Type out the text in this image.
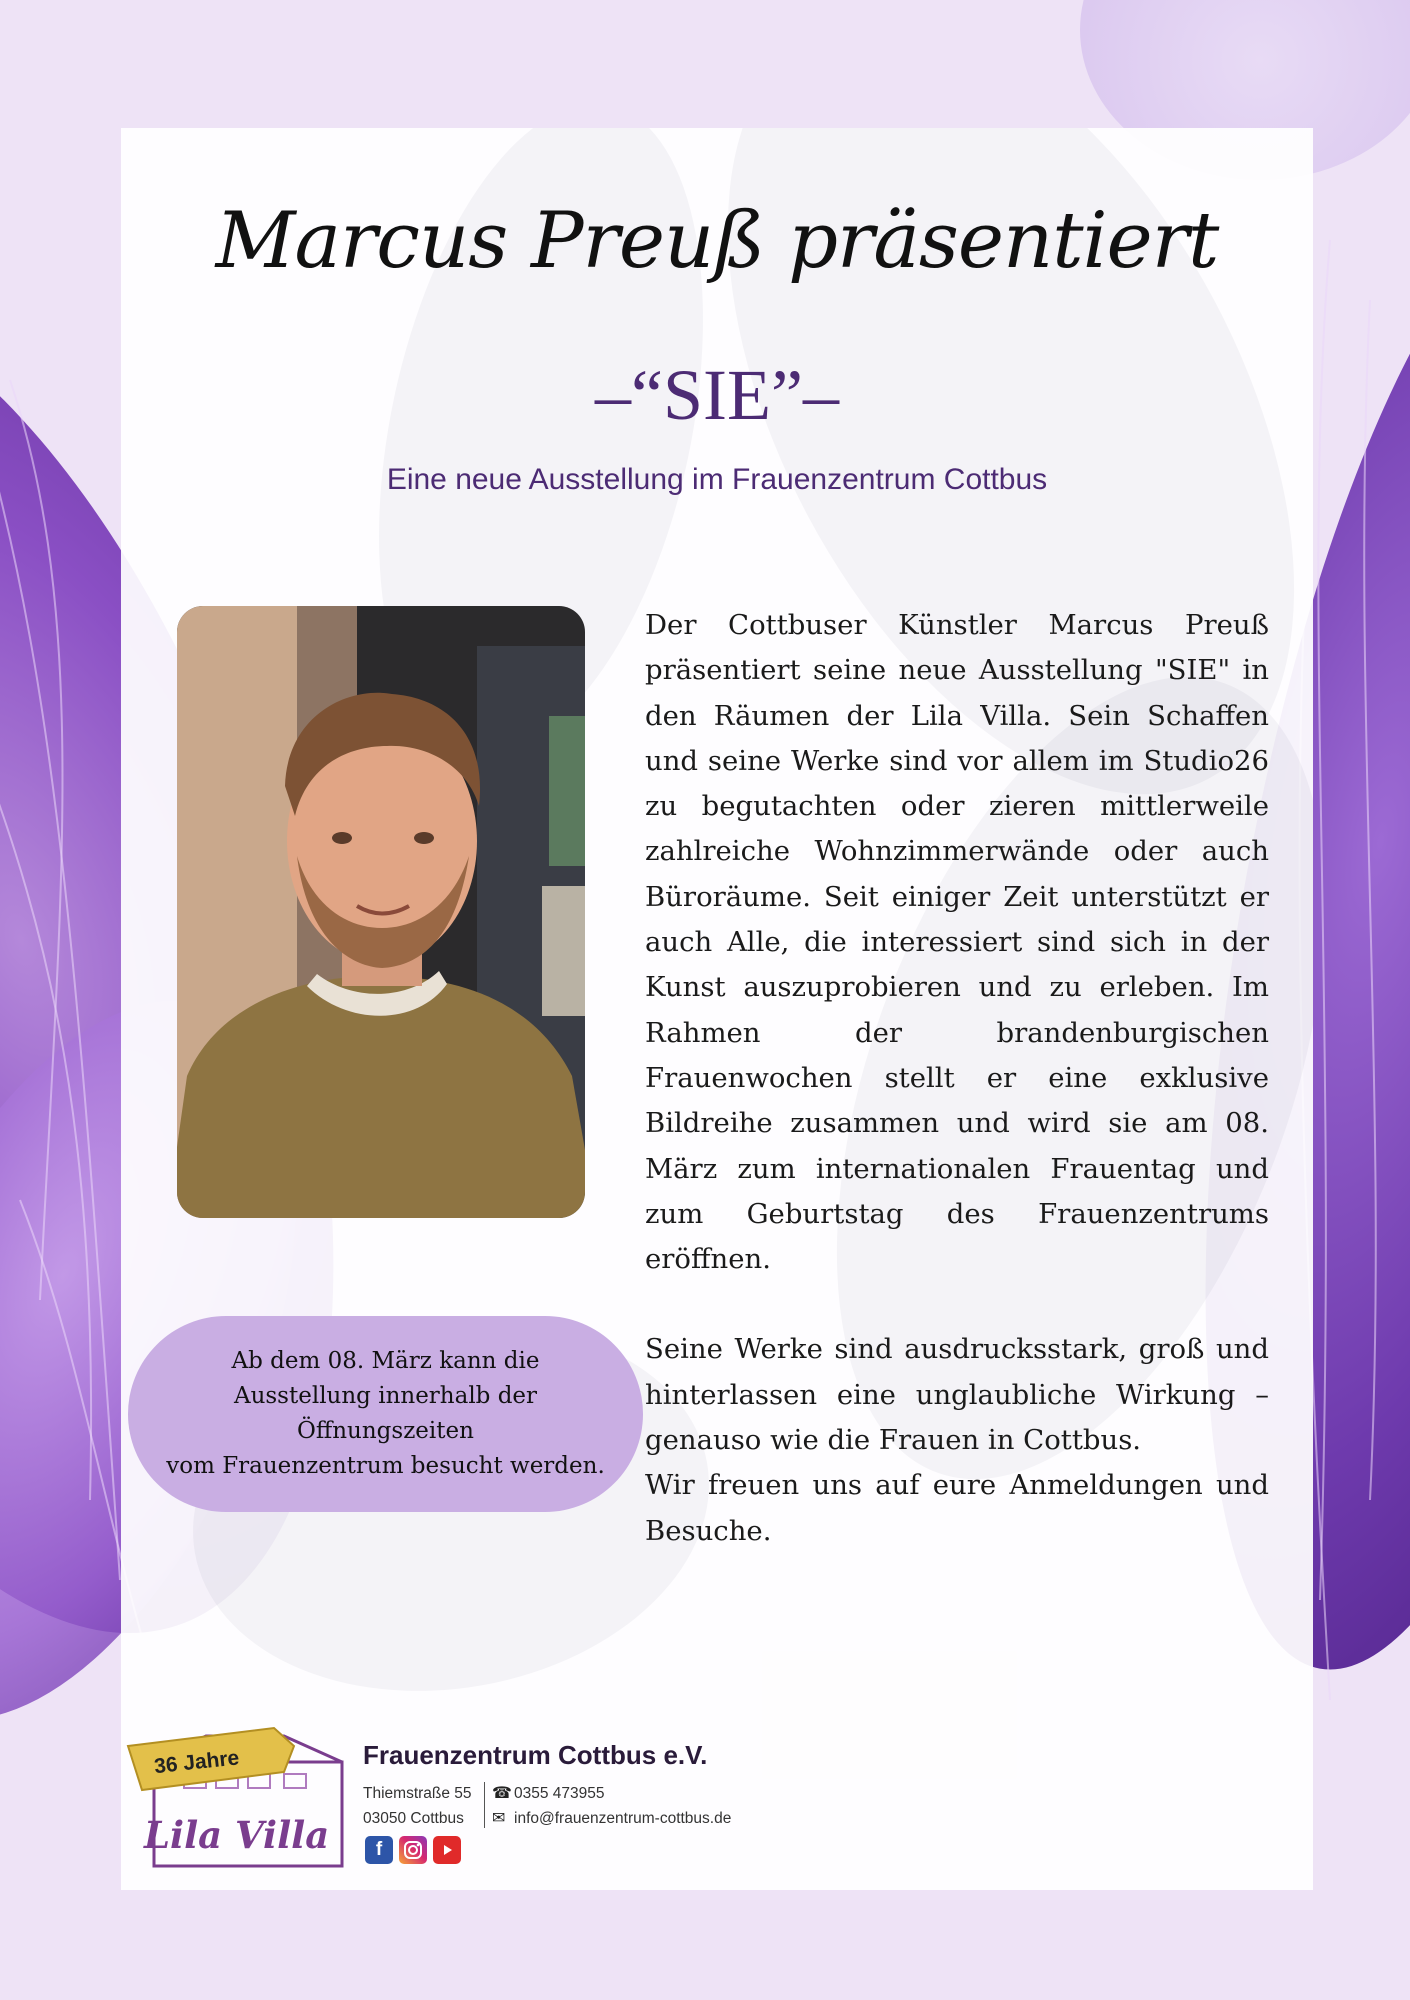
Marcus Preuß präsentiert
–“SIE”–
Eine neue Ausstellung im Frauenzentrum Cottbus

Der Cottbuser Künstler Marcus Preuß präsentiert seine neue Ausstellung "SIE" in den Räumen der Lila Villa. Sein Schaffen und seine Werke sind vor allem im Studio26 zu begutachten oder zieren mittlerweile zahlreiche Wohnzimmerwände oder auch Büroräume. Seit einiger Zeit unterstützt er auch Alle, die interessiert sind sich in der Kunst auszuprobieren und zu erleben. Im Rahmen der brandenburgischen Frauenwochen stellt er eine exklusive Bildreihe zusammen und wird sie am 08. März zum internationalen Frauentag und zum Geburtstag des Frauenzentrums eröffnen.

Seine Werke sind ausdrucksstark, groß und hinterlassen eine unglaubliche Wirkung – genauso wie die Frauen in Cottbus.

Wir freuen uns auf eure Anmeldungen und Besuche.

Ab dem 08. März kann die
Ausstellung innerhalb der
Öffnungszeiten
vom Frauenzentrum besucht werden.
36 Jahre
Lila Villa
Frauenzentrum Cottbus e.V.
Thiemstraße 55
03050 Cottbus
☎ 0355 473955
✉ info@frauenzentrum-cottbus.de
f
